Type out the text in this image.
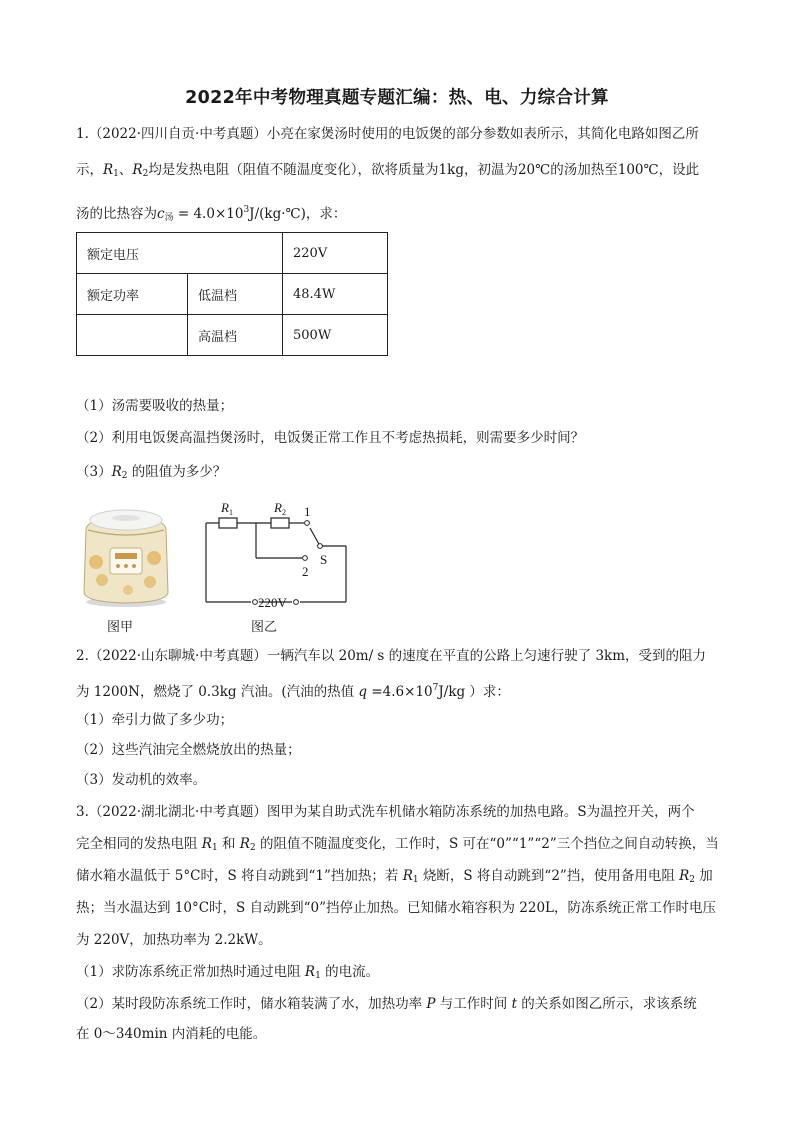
2022年中考物理真题专题汇编：热、电、力综合计算
1.（2022·四川自贡·中考真题）小亮在家煲汤时使用的电饭煲的部分参数如表所示，其简化电路如图乙所
示，$R_1$、$R_2$均是发热电阻（阻值不随温度变化），欲将质量为1kg，初温为20℃的汤加热至100℃，设此
汤的比热容为$c_汤$ = $4.0\times 10^3J/(kg\cdot℃)$，求：
额定电压		220V
额定功率	低温档	48.4W
	高温档	500W
（1）汤需要吸收的热量；
（2）利用电饭煲高温挡煲汤时，电饭煲正常工作且不考虑热损耗，则需要多少时间？
$(3)R_2$ 的阻值为多少？
图甲
$R_1$	$R_2$ 1
2
S
220V
图乙
2.（2022·山东聊城·中考真题）一辆汽车以 20m/ s 的速度在平直的公路上匀速行驶了 3km，受到的阻力
为 1200N，燃烧了 0.3kg 汽油。(汽油的热值 $q =4.6\times 10^7J/kg$ ）求：
（1）牵引力做了多少功；
（2）这些汽油完全燃烧放出的热量；
（3）发动机的效率。
3.（2022·湖北湖北·中考真题）图甲为某自助式洗车机储水箱防冻系统的加热电路。S为温控开关，两个
完全相同的发热电阻 $R_1$ 和 $R_2$ 的阻值不随温度变化，工作时，S 可在“0”“1”“2”三个挡位之间自动转换，当
储水箱水温低于 5°C时，S 将自动跳到“1”挡加热；若 $R_1$ 烧断，S 将自动跳到“2”挡，使用备用电阻 $R_2$ 加
热；当水温达到 10°C时，S 自动跳到“0”挡停止加热。已知储水箱容积为 220L，防冻系统正常工作时电压
为 220V，加热功率为 2.2kW。
（1）求防冻系统正常加热时通过电阻 $R_1$ 的电流。
（2）某时段防冻系统工作时，储水箱装满了水，加热功率 P 与工作时间 t 的关系如图乙所示，求该系统
在 0～340min 内消耗的电能。
